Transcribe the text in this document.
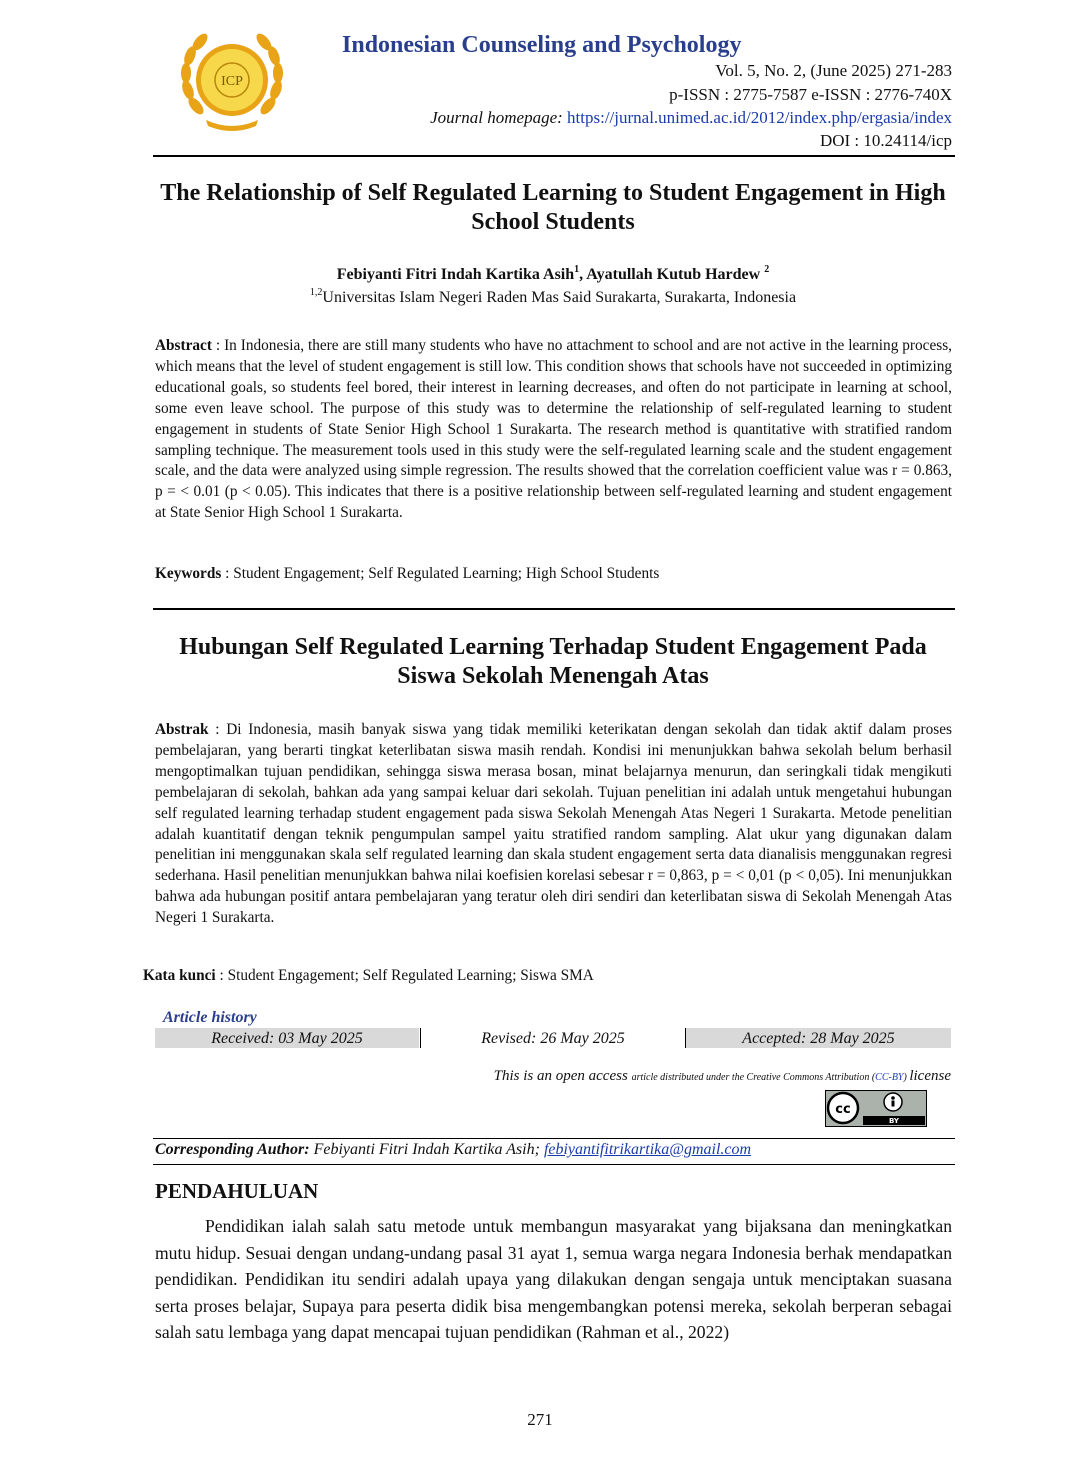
ICP
Indonesian Counseling and Psychology
Vol. 5, No. 2, (June 2025) 271-283
p-ISSN : 2775-7587 e-ISSN : 2776-740X
Journal homepage: https://jurnal.unimed.ac.id/2012/index.php/ergasia/index
DOI : 10.24114/icp
The Relationship of Self Regulated Learning to Student Engagement in High School Students
Febiyanti Fitri Indah Kartika Asih$^1$, Ayatullah Kutub Hardew $^2$
$^{1,2}$Universitas Islam Negeri Raden Mas Said Surakarta, Surakarta, Indonesia
Abstract : In Indonesia, there are still many students who have no attachment to school and are not active in the learning process, which means that the level of student engagement is still low. This condition shows that schools have not succeeded in optimizing educational goals, so students feel bored, their interest in learning decreases, and often do not participate in learning at school, some even leave school. The purpose of this study was to determine the relationship of self-regulated learning to student engagement in students of State Senior High School 1 Surakarta. The research method is quantitative with stratified random sampling technique. The measurement tools used in this study were the self-regulated learning scale and the student engagement scale, and the data were analyzed using simple regression. The results showed that the correlation coefficient value was r = 0.863, p = < 0.01 (p < 0.05). This indicates that there is a positive relationship between self-regulated learning and student engagement at State Senior High School 1 Surakarta.
Keywords : Student Engagement; Self Regulated Learning; High School Students
Hubungan Self Regulated Learning Terhadap Student Engagement Pada Siswa Sekolah Menengah Atas
Abstrak : Di Indonesia, masih banyak siswa yang tidak memiliki keterikatan dengan sekolah dan tidak aktif dalam proses pembelajaran, yang berarti tingkat keterlibatan siswa masih rendah. Kondisi ini menunjukkan bahwa sekolah belum berhasil mengoptimalkan tujuan pendidikan, sehingga siswa merasa bosan, minat belajarnya menurun, dan seringkali tidak mengikuti pembelajaran di sekolah, bahkan ada yang sampai keluar dari sekolah. Tujuan penelitian ini adalah untuk mengetahui hubungan self regulated learning terhadap student engagement pada siswa Sekolah Menengah Atas Negeri 1 Surakarta. Metode penelitian adalah kuantitatif dengan teknik pengumpulan sampel yaitu stratified random sampling. Alat ukur yang digunakan dalam penelitian ini menggunakan skala self regulated learning dan skala student engagement serta data dianalisis menggunakan regresi sederhana. Hasil penelitian menunjukkan bahwa nilai koefisien korelasi sebesar r = 0,863, p = < 0,01 (p < 0,05). Ini menunjukkan bahwa ada hubungan positif antara pembelajaran yang teratur oleh diri sendiri dan keterlibatan siswa di Sekolah Menengah Atas Negeri 1 Surakarta.
Kata kunci : Student Engagement; Self Regulated Learning; Siswa SMA
Article history
Received: 03 May 2025	Revised: 26 May 2025	Accepted: 28 May 2025
This is an open access article distributed under the Creative Commons Attribution (CC-BY) license
cc
BY
Corresponding Author: Febiyanti Fitri Indah Kartika Asih; febiyantifitrikartika@gmail.com
PENDAHULUAN

Pendidikan ialah salah satu metode untuk membangun masyarakat yang bijaksana dan meningkatkan mutu hidup. Sesuai dengan undang-undang pasal 31 ayat 1, semua warga negara Indonesia berhak mendapatkan pendidikan. Pendidikan itu sendiri adalah upaya yang dilakukan dengan sengaja untuk menciptakan suasana serta proses belajar, Supaya para peserta didik bisa mengembangkan potensi mereka, sekolah berperan sebagai salah satu lembaga yang dapat mencapai tujuan pendidikan (Rahman et al., 2022)

271
